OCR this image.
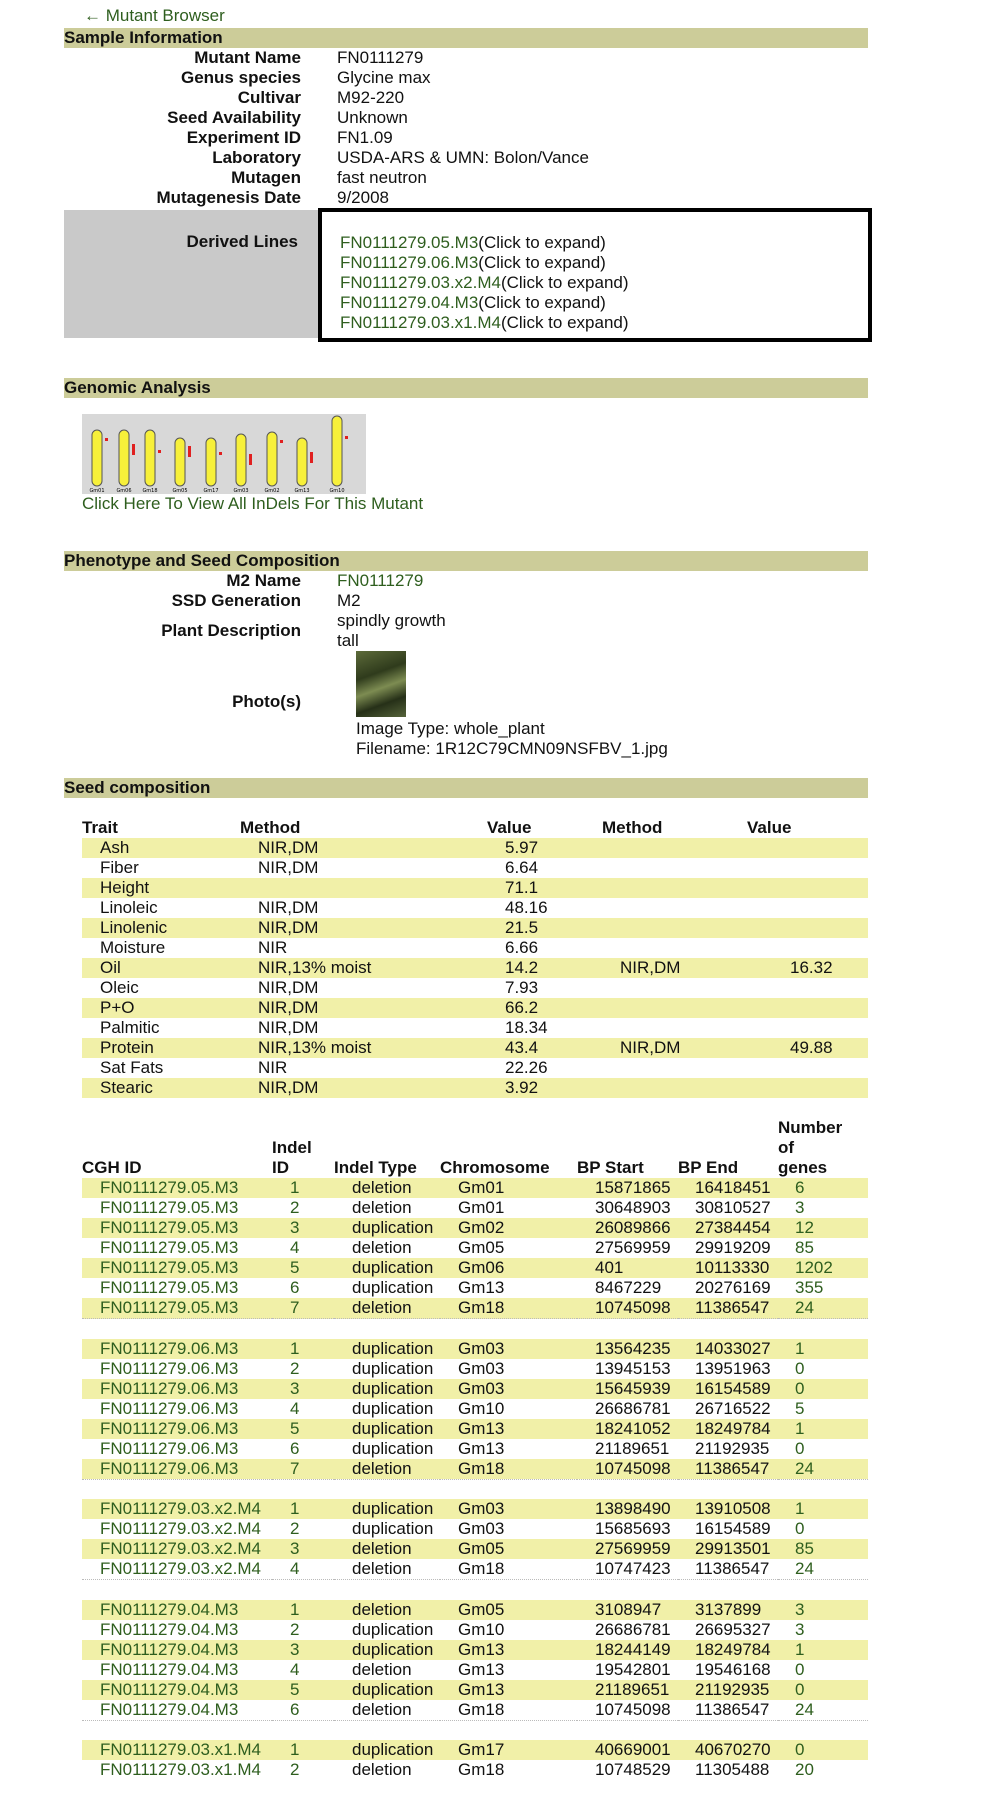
← Mutant Browser
Sample Information
Mutant Name FN0111279
Genus species Glycine max
Cultivar M92-220
Seed Availability Unknown
Experiment ID FN1.09
Laboratory USDA-ARS & UMN: Bolon/Vance
Mutagen fast neutron
Mutagenesis Date 9/2008
Derived Lines FN0111279.05.M3(Click to expand)
FN0111279.06.M3(Click to expand)
FN0111279.03.x2.M4(Click to expand)
FN0111279.04.M3(Click to expand)
FN0111279.03.x1.M4(Click to expand)
Genomic Analysis
Gm01 Gm06 Gm18	Gm05	Gm17	Gm03	Gm02	Gm13	Gm10
Click Here To View All InDels For This Mutant
Phenotype and Seed Composition
M2 Name FN0111279
SSD Generation M2
Plant Description
spindly growth
tall
Photo(s)
Image Type: whole_plant
Filename: 1R12C79CMN09NSFBV_1.jpg
Seed composition
Trait	Method	Value	Method	Value
Ash	NIR,DM	5.97		
Fiber	NIR,DM	6.64		
Height		71.1		
Linoleic	NIR,DM	48.16		
Linolenic	NIR,DM	21.5		
Moisture	NIR	6.66		
Oil	NIR,13% moist	14.2	NIR,DM	16.32
Oleic	NIR,DM	7.93		
P+O	NIR,DM	66.2		
Palmitic	NIR,DM	18.34		
Protein	NIR,13% moist	43.4	NIR,DM	49.88
Sat Fats	NIR	22.26		
Stearic	NIR,DM	3.92		
CGH ID	Indel
ID	Indel Type	Chromosome	BP Start	BP End	Number
of
genes
FN0111279.05.M3	1	deletion	Gm01	15871865	16418451	6
FN0111279.05.M3	2	deletion	Gm01	30648903	30810527	3
FN0111279.05.M3	3	duplication	Gm02	26089866	27384454	12
FN0111279.05.M3	4	deletion	Gm05	27569959	29919209	85
FN0111279.05.M3	5	duplication	Gm06	401	10113330	1202
FN0111279.05.M3	6	duplication	Gm13	8467229	20276169	355
FN0111279.05.M3	7	deletion	Gm18	10745098	11386547	24

FN0111279.06.M3	1	duplication	Gm03	13564235	14033027	1
FN0111279.06.M3	2	duplication	Gm03	13945153	13951963	0
FN0111279.06.M3	3	duplication	Gm03	15645939	16154589	0
FN0111279.06.M3	4	duplication	Gm10	26686781	26716522	5
FN0111279.06.M3	5	duplication	Gm13	18241052	18249784	1
FN0111279.06.M3	6	duplication	Gm13	21189651	21192935	0
FN0111279.06.M3	7	deletion	Gm18	10745098	11386547	24

FN0111279.03.x2.M4	1	duplication	Gm03	13898490	13910508	1
FN0111279.03.x2.M4	2	duplication	Gm03	15685693	16154589	0
FN0111279.03.x2.M4	3	deletion	Gm05	27569959	29913501	85
FN0111279.03.x2.M4	4	deletion	Gm18	10747423	11386547	24

FN0111279.04.M3	1	deletion	Gm05	3108947	3137899	3
FN0111279.04.M3	2	duplication	Gm10	26686781	26695327	3
FN0111279.04.M3	3	duplication	Gm13	18244149	18249784	1
FN0111279.04.M3	4	deletion	Gm13	19542801	19546168	0
FN0111279.04.M3	5	duplication	Gm13	21189651	21192935	0
FN0111279.04.M3	6	deletion	Gm18	10745098	11386547	24

FN0111279.03.x1.M4	1	duplication	Gm17	40669001	40670270	0
FN0111279.03.x1.M4	2	deletion	Gm18	10748529	11305488	20
